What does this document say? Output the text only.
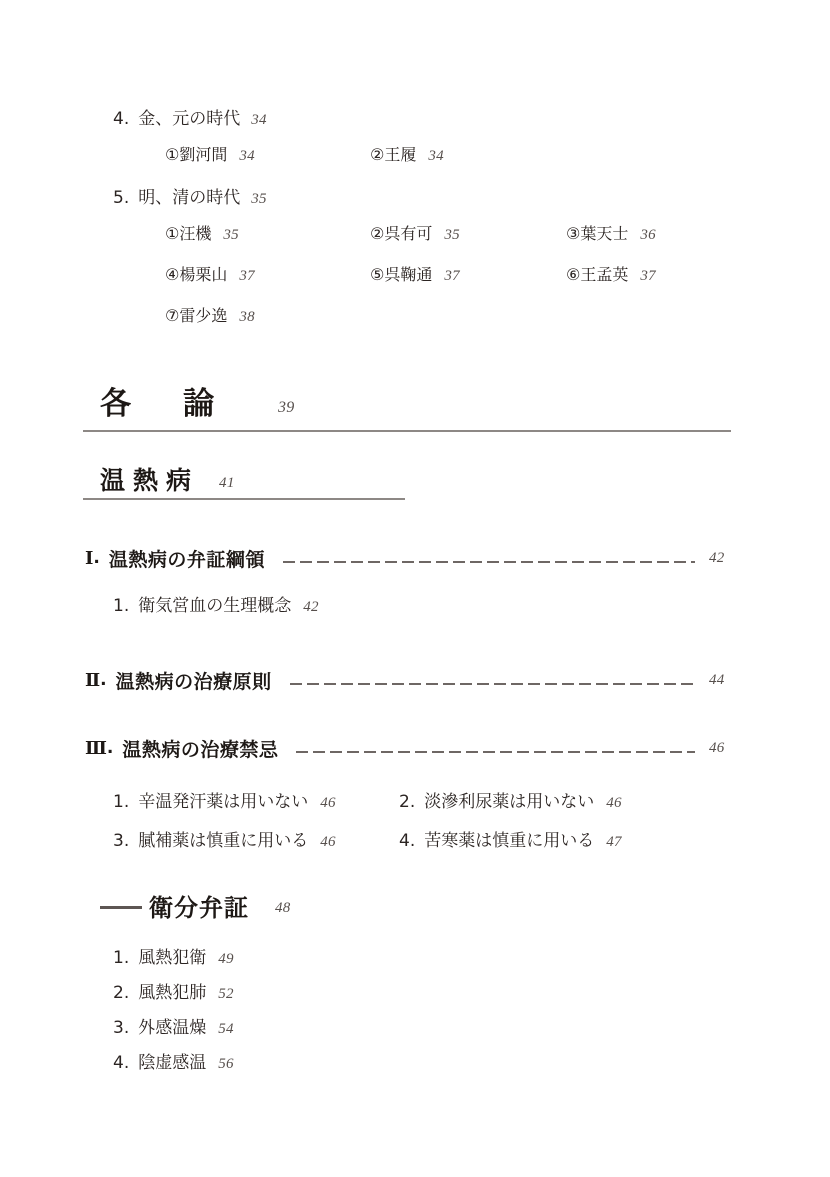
4. 金、元の時代 34
① 劉河間 34	② 王履 34
5. 明、清の時代 35
① 汪機 35	② 呉有可 35	③ 葉天士 36
④ 楊栗山 37	⑤ 呉鞠通 37	⑥ 王孟英 37
⑦ 雷少逸 38
各論 39
温熱病 41
Ⅰ . 温熱病の弁証綱領	42
1. 衛気営血の生理概念 42
Ⅱ . 温熱病の治療原則	44
Ⅲ . 温熱病の治療禁忌	46
1. 辛温発汗薬は用いない 46	2. 淡滲利尿薬は用いない 46
3. 膩補薬は慎重に用いる 46	4. 苦寒薬は慎重に用いる 47
衛分弁証 48
1. 風熱犯衛 49
2. 風熱犯肺 52
3. 外感温燥 54
4. 陰虚感温 56
